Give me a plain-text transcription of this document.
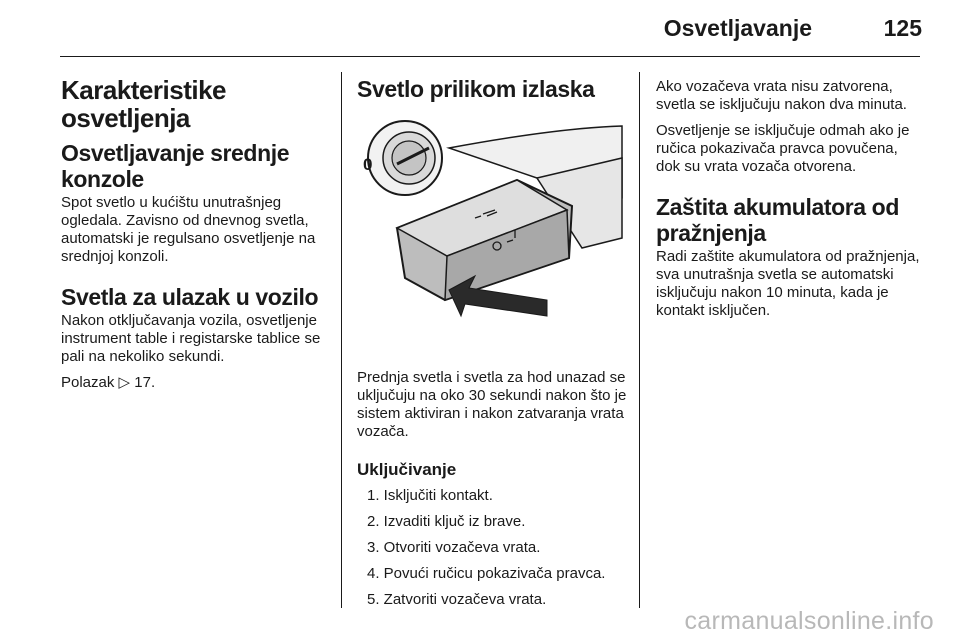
Osvetljavanje	125
Karakteristike osvetljenja
Osvetljavanje srednje konzole

Spot svetlo u kućištu unutrašnjeg ogledala. Zavisno od dnevnog svetla, automatski je regulsano osvetljenje na srednjoj konzoli.

Svetla za ulazak u vozilo

Nakon otključavanja vozila, osvetljenje instrument table i registarske tablice se pali na nekoliko sekundi.

Polazak ▷ 17.

Svetlo prilikom izlaska
0

Prednja svetla i svetla za hod unazad se uključuju na oko 30 sekundi nakon što je sistem aktiviran i nakon zatvaranja vrata vozača.

Uključivanje
1. Isključiti kontakt.
2. Izvaditi ključ iz brave.
3. Otvoriti vozačeva vrata.
4. Povući ručicu pokazivača pravca.
5. Zatvoriti vozačeva vrata.

Ako vozačeva vrata nisu zatvorena, svetla se isključuju nakon dva minuta.

Osvetljenje se isključuje odmah ako je ručica pokazivača pravca povučena, dok su vrata vozača otvorena.

Zaštita akumulatora od pražnjenja

Radi zaštite akumulatora od pražnjenja, sva unutrašnja svetla se automatski isključuju nakon 10 minuta, kada je kontakt isključen.

carmanualsonline.info
